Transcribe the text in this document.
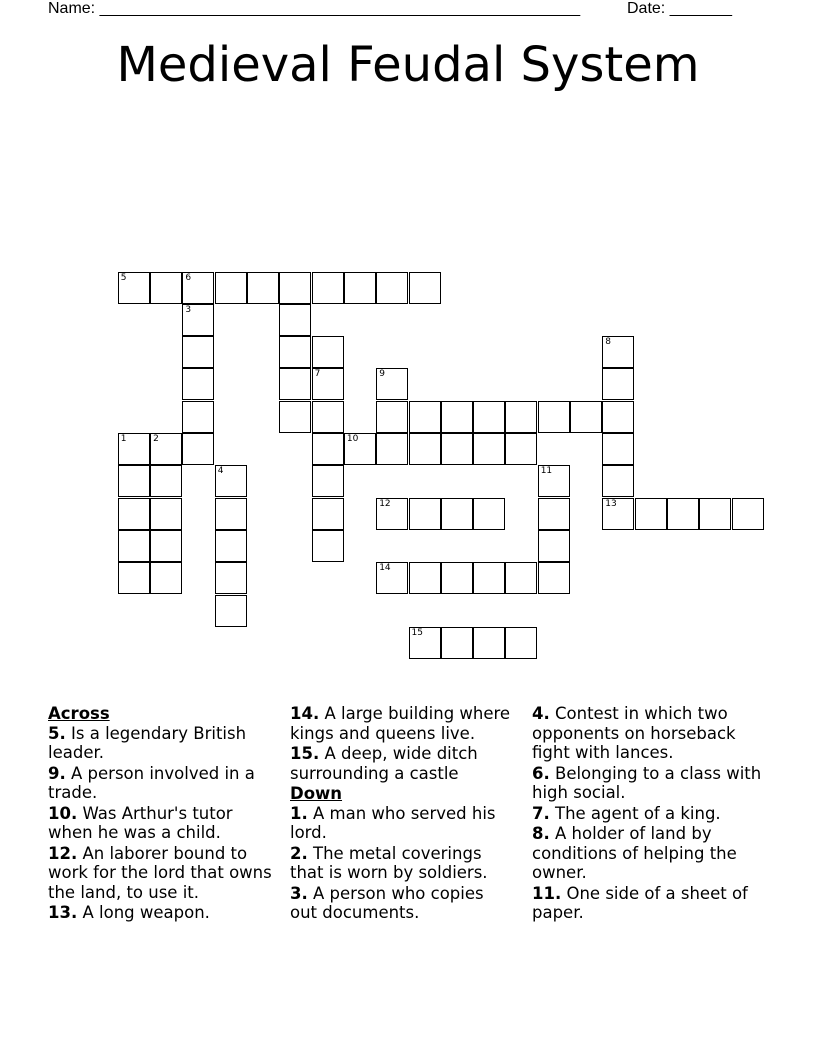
Name: ______________________________________________________	Date: _______
Medieval Feudal System
1	2
3
4
5	6
7	9
8
13
10
11
12
14
15
Across
5. Is a legendary British leader.
9. A person involved in a trade.
10. Was Arthur's tutor when he was a child.
12. An laborer bound to work for the lord that owns the land, to use it.
13. A long weapon.
14. A large building where kings and queens live.
15. A deep, wide ditch surrounding a castle
Down
1. A man who served his lord.
2. The metal coverings that is worn by soldiers.
3. A person who copies out documents.
4. Contest in which two opponents on horseback fight with lances.
6. Belonging to a class with high social.
7. The agent of a king.
8. A holder of land by conditions of helping the owner.
11. One side of a sheet of paper.
